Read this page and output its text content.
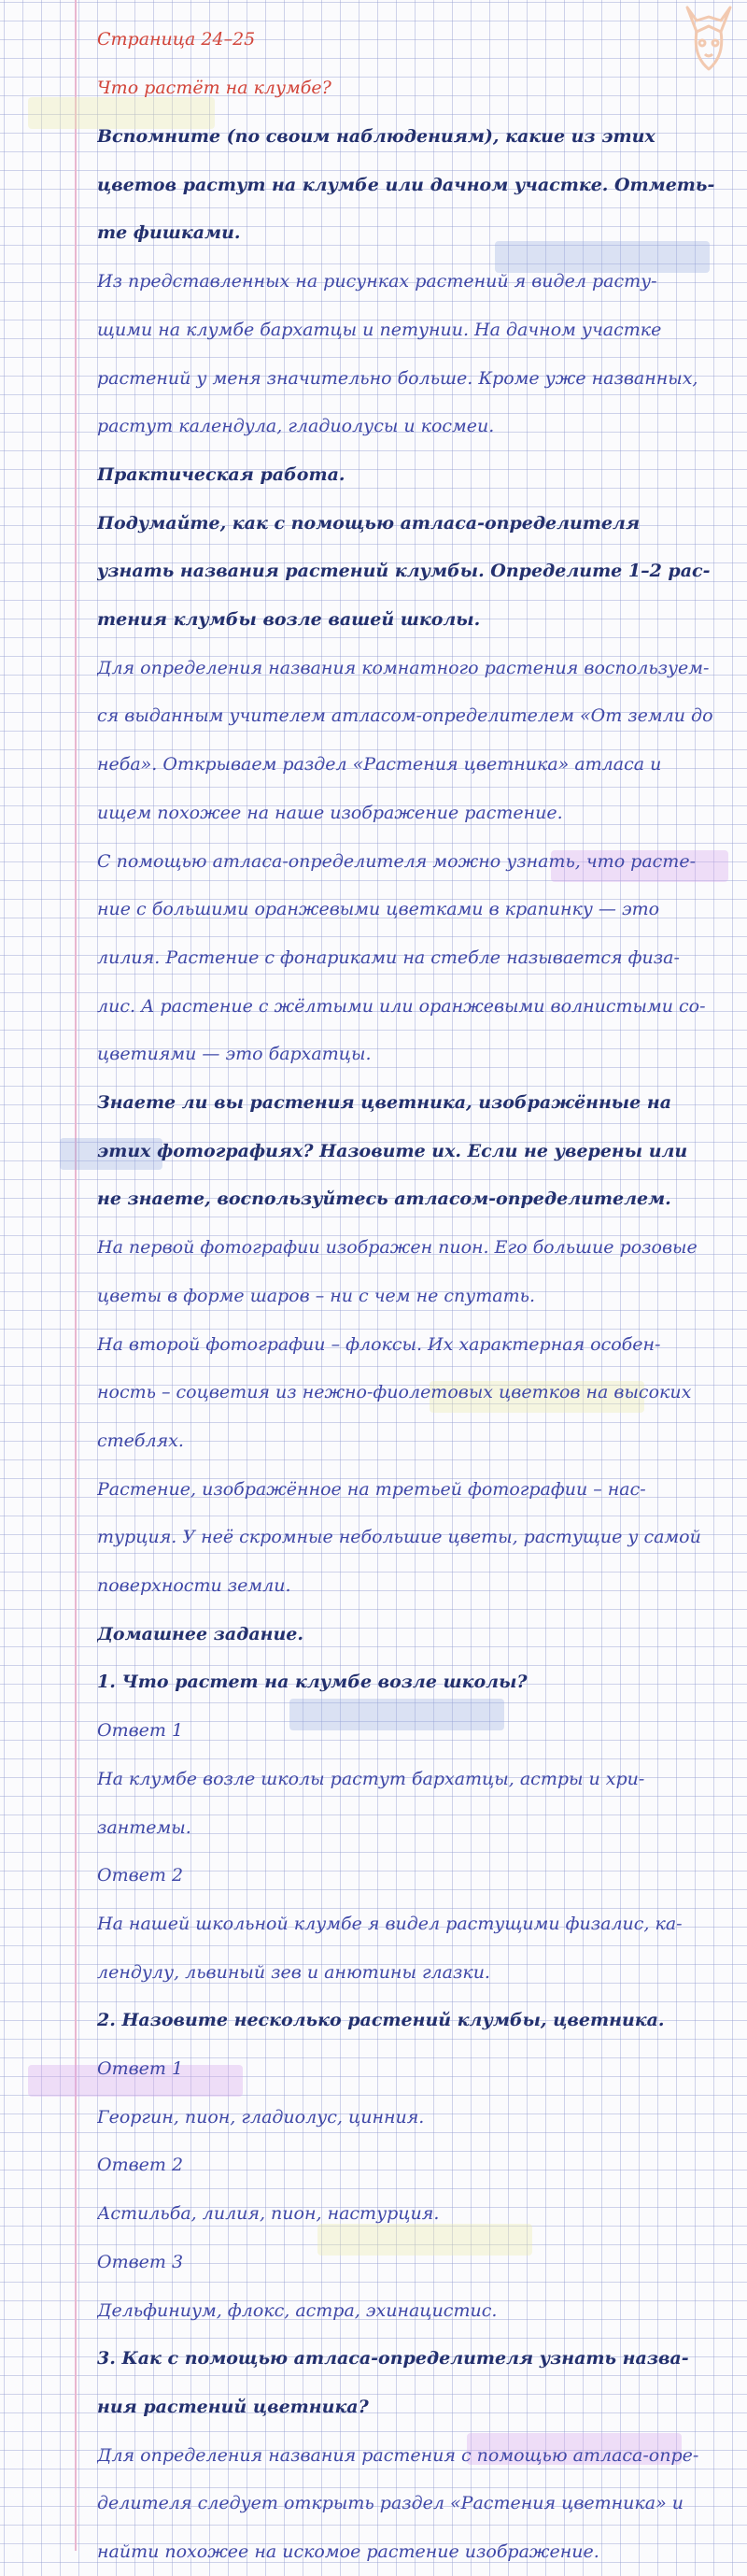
Страница 24–25
Что растёт на клумбе?
Вспомните (по своим наблюдениям), какие из этих
цветов растут на клумбе или дачном участке. Отметь-
те фишками.
Из представленных на рисунках растений я видел расту-
щими на клумбе бархатцы и петунии. На дачном участке
растений у меня значительно больше. Кроме уже названных,
растут календула, гладиолусы и космеи.
Практическая работа.
Подумайте, как с помощью атласа-определителя
узнать названия растений клумбы. Определите 1–2 рас-
тения клумбы возле вашей школы.
Для определения названия комнатного растения воспользуем-
ся выданным учителем атласом-определителем «От земли до
неба». Открываем раздел «Растения цветника» атласа и
ищем похожее на наше изображение растение.
С помощью атласа-определителя можно узнать, что расте-
ние с большими оранжевыми цветками в крапинку — это
лилия. Растение с фонариками на стебле называется физа-
лис. А растение с жёлтыми или оранжевыми волнистыми со-
цветиями — это бархатцы.
Знаете ли вы растения цветника, изображённые на
этих фотографиях? Назовите их. Если не уверены или
не знаете, воспользуйтесь атласом-определителем.
На первой фотографии изображен пион. Его большие розовые
цветы в форме шаров – ни с чем не спутать.
На второй фотографии – флоксы. Их характерная особен-
ность – соцветия из нежно-фиолетовых цветков на высоких
стеблях.
Растение, изображённое на третьей фотографии – нас-
турция. У неё скромные небольшие цветы, растущие у самой
поверхности земли.
Домашнее задание.
1. Что растет на клумбе возле школы?
Ответ 1
На клумбе возле школы растут бархатцы, астры и хри-
зантемы.
Ответ 2
На нашей школьной клумбе я видел растущими физалис, ка-
лендулу, львиный зев и анютины глазки.
2. Назовите несколько растений клумбы, цветника.
Ответ 1
Георгин, пион, гладиолус, цинния.
Ответ 2
Астильба, лилия, пион, настурция.
Ответ 3
Дельфиниум, флокс, астра, эхинацистис.
3. Как с помощью атласа-определителя узнать назва-
ния растений цветника?
Для определения названия растения с помощью атласа-опре-
делителя следует открыть раздел «Растения цветника» и
найти похожее на искомое растение изображение.
